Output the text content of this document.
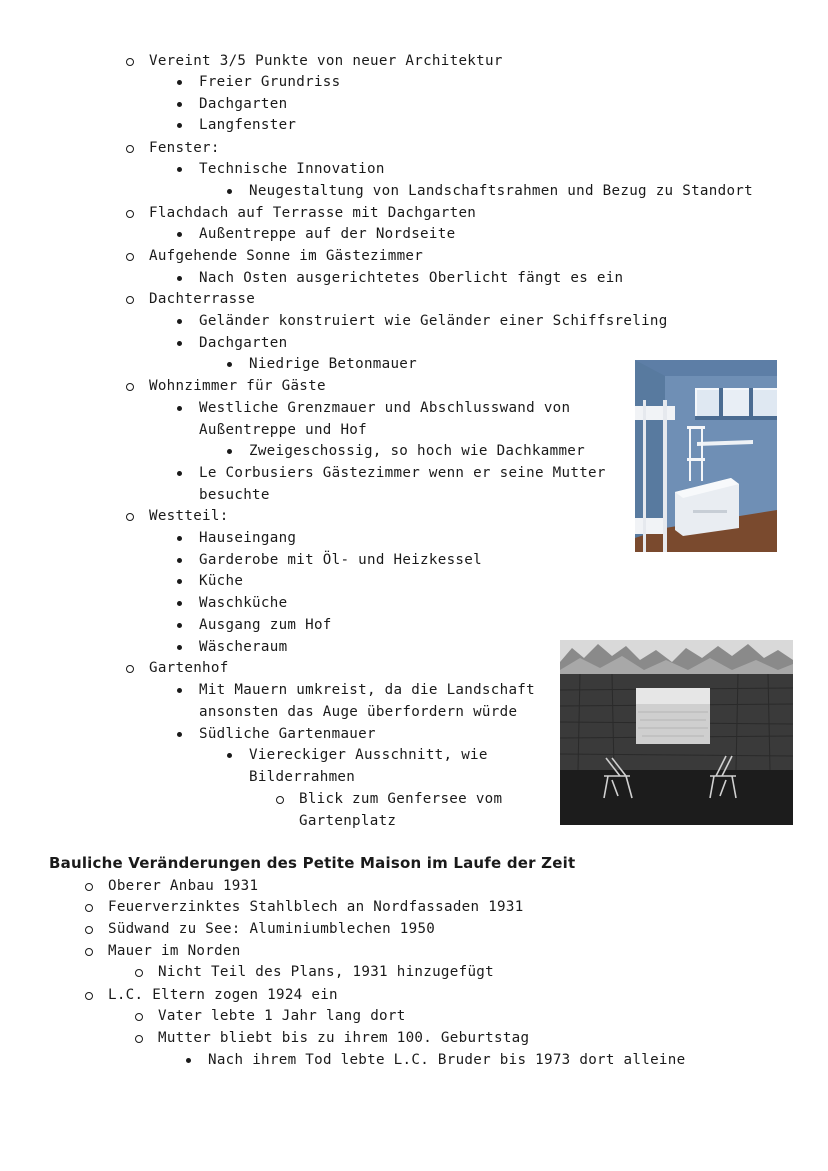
Vereint 3/5 Punkte von neuer Architektur
Freier Grundriss
Dachgarten
Langfenster
Fenster:
Technische Innovation
Neugestaltung von Landschaftsrahmen und Bezug zu Standort
Flachdach auf Terrasse mit Dachgarten
Außentreppe auf der Nordseite
Aufgehende Sonne im Gästezimmer
Nach Osten ausgerichtetes Oberlicht fängt es ein
Dachterrasse
Geländer konstruiert wie Geländer einer Schiffsreling
Dachgarten
Niedrige Betonmauer
Wohnzimmer für Gäste
Westliche Grenzmauer und Abschlusswand von
Außentreppe und Hof
Zweigeschossig, so hoch wie Dachkammer
Le Corbusiers Gästezimmer wenn er seine Mutter
besuchte
Westteil:
Hauseingang
Garderobe mit Öl- und Heizkessel
Küche
Waschküche
Ausgang zum Hof
Wäscheraum
Gartenhof
Mit Mauern umkreist, da die Landschaft
ansonsten das Auge überfordern würde
Südliche Gartenmauer
Viereckiger Ausschnitt, wie
Bilderrahmen
Blick zum Genfersee vom
Gartenplatz
Bauliche Veränderungen des Petite Maison im Laufe der Zeit
Oberer Anbau 1931
Feuerverzinktes Stahlblech an Nordfassaden 1931
Südwand zu See: Aluminiumblechen 1950
Mauer im Norden
Nicht Teil des Plans, 1931 hinzugefügt
L.C. Eltern zogen 1924 ein
Vater lebte 1 Jahr lang dort
Mutter bliebt bis zu ihrem 100. Geburtstag
Nach ihrem Tod lebte L.C. Bruder bis 1973 dort alleine
